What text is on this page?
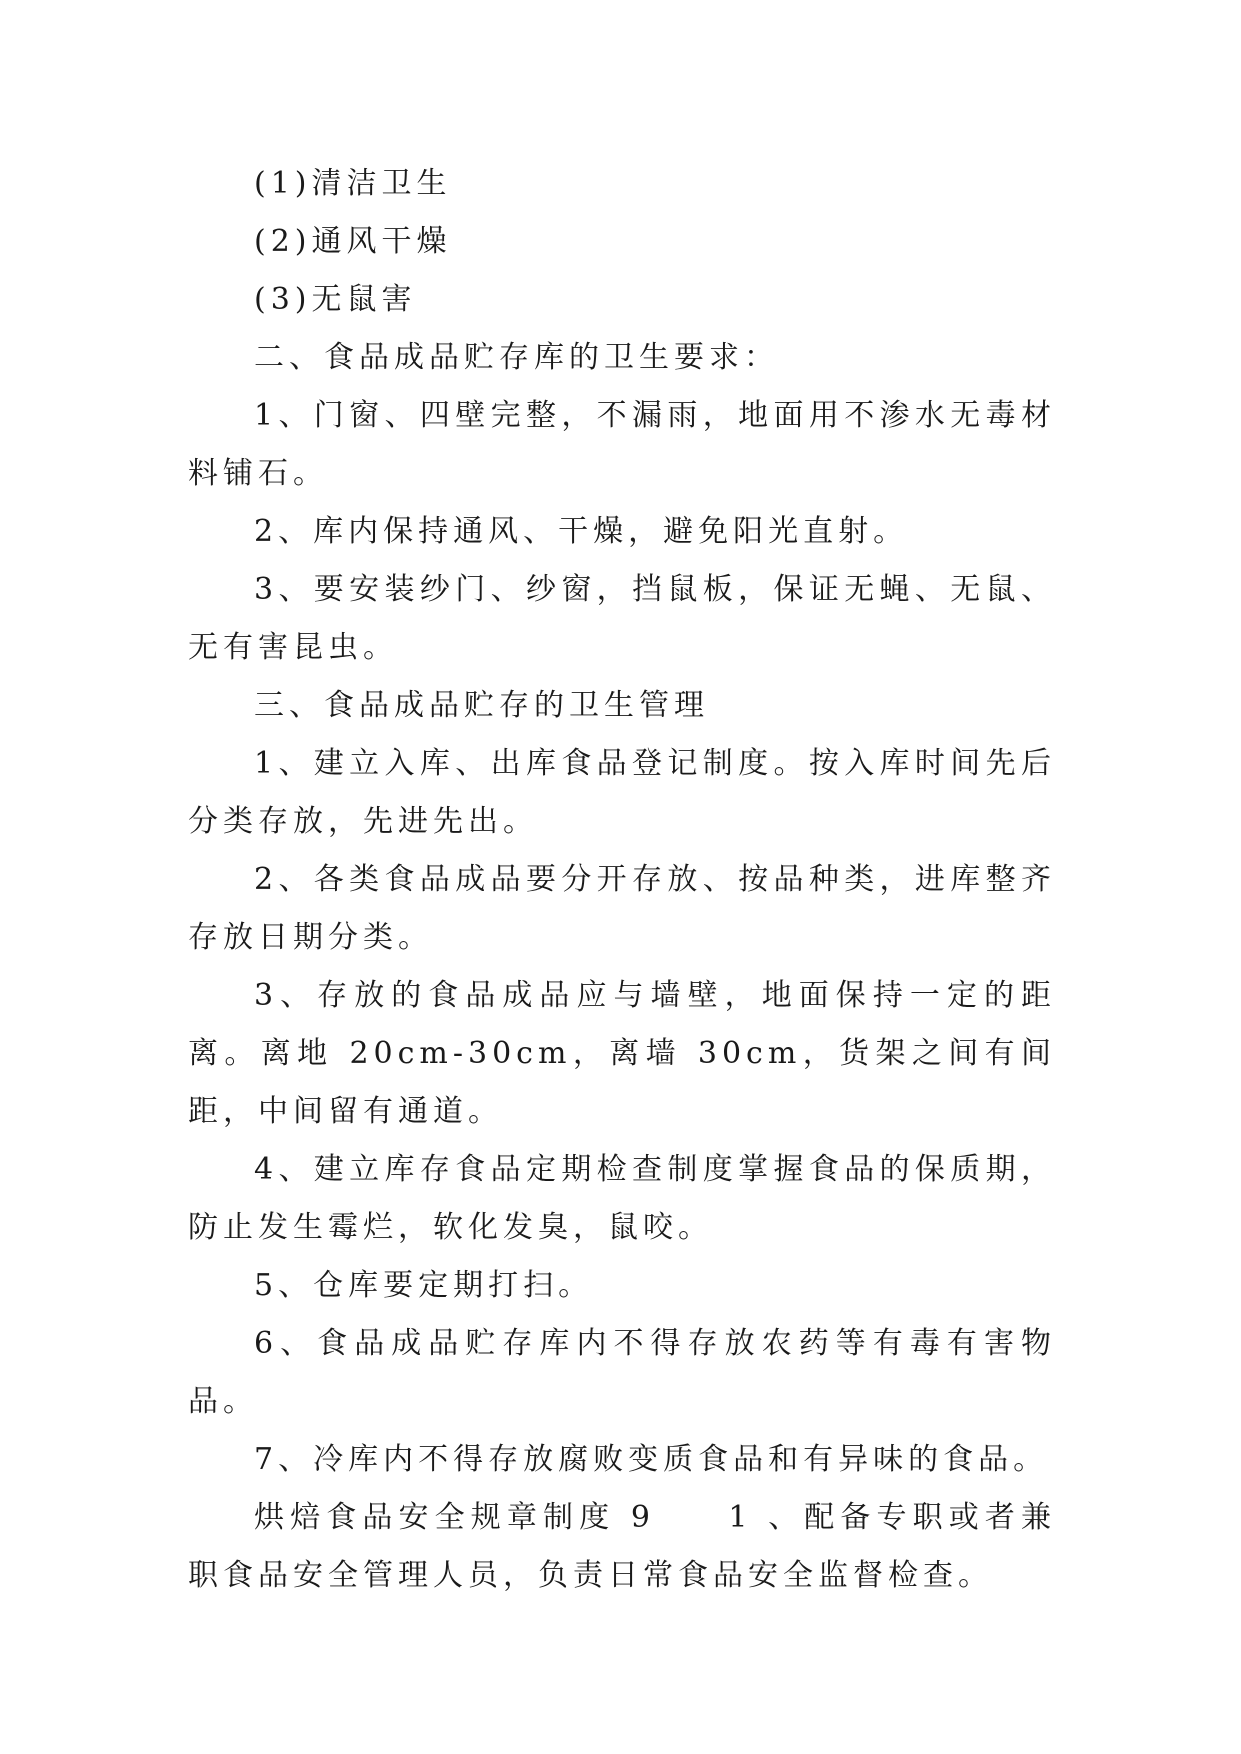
(1)清洁卫生

(2)通风干燥

(3)无鼠害

二、食品成品贮存库的卫生要求：

1、门窗、四壁完整，不漏雨，地面用不渗水无毒材料铺石。

2、库内保持通风、干燥，避免阳光直射。

3、要安装纱门、纱窗，挡鼠板，保证无蝇、无鼠、无有害昆虫。

三、食品成品贮存的卫生管理

1、建立入库、出库食品登记制度。按入库时间先后分类存放，先进先出。

2、各类食品成品要分开存放、按品种类，进库整齐存放日期分类。

3、存放的食品成品应与墙壁，地面保持一定的距离。离地 20cm-30cm，离墙 30cm，货架之间有间距，中间留有通道。

4、建立库存食品定期检查制度掌握食品的保质期，防止发生霉烂，软化发臭，鼠咬。

5、仓库要定期打扫。

6、食品成品贮存库内不得存放农药等有毒有害物品。

7、冷库内不得存放腐败变质食品和有异味的食品。

烘焙食品安全规章制度 9　　1 、配备专职或者兼职食品安全管理人员，负责日常食品安全监督检查。
